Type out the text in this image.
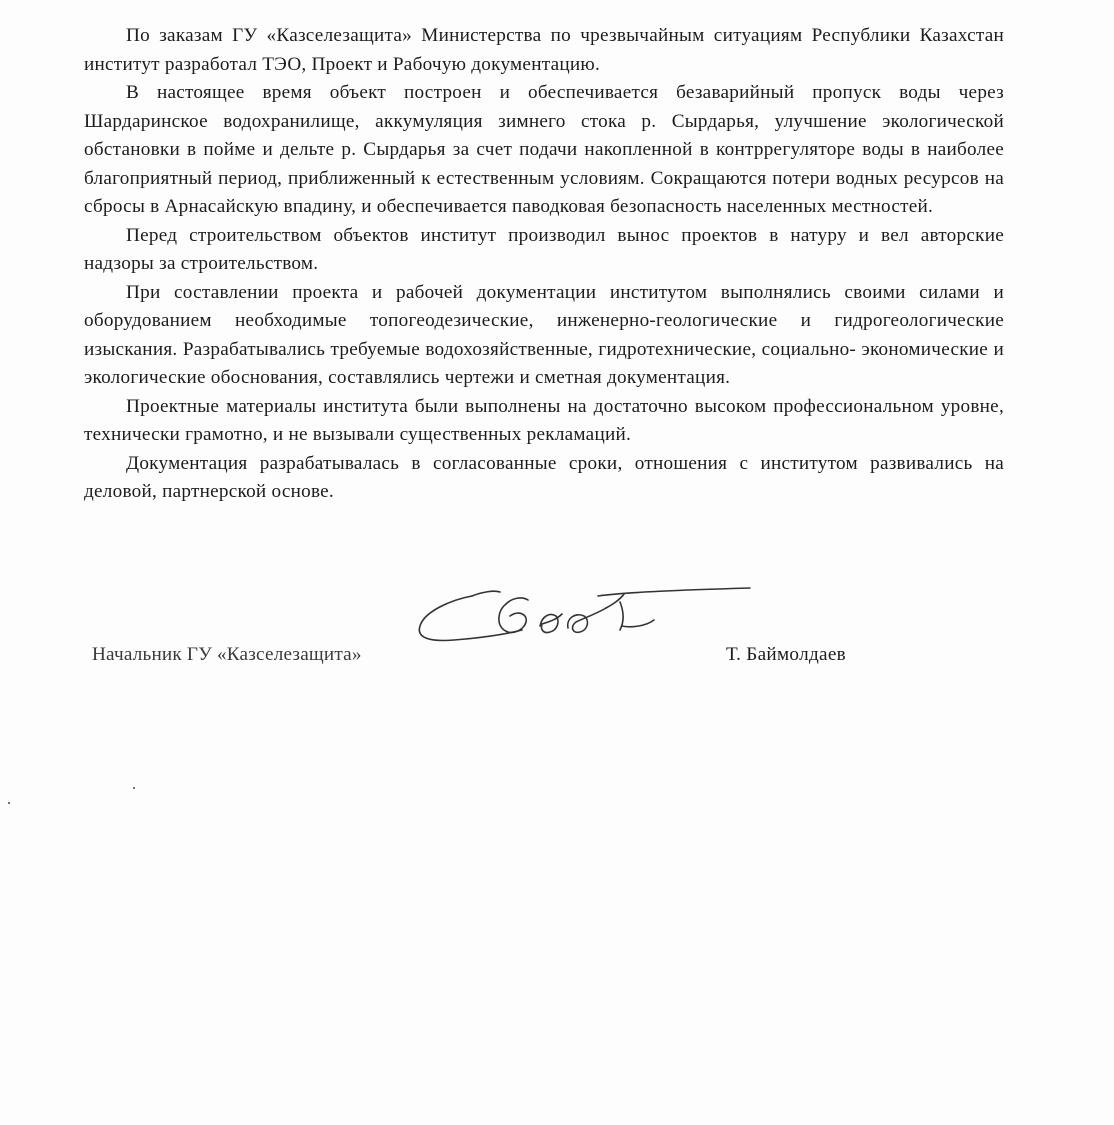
По заказам ГУ «Казселезащита» Министерства по чрезвычайным ситуациям Республики Казахстан институт разработал ТЭО, Проект и Рабочую документацию.

В настоящее время объект построен и обеспечивается безаварийный пропуск воды через Шардаринское водохранилище, аккумуляция зимнего стока р. Сырдарья, улучшение экологической обстановки в пойме и дельте р. Сырдарья за счет подачи накопленной в контррегуляторе воды в наиболее благоприятный период, приближенный к естественным условиям. Сокращаются потери водных ресурсов на сбросы в Арнасайскую впадину, и обеспечивается паводковая безопасность населенных местностей.

Перед строительством объектов институт производил вынос проектов в натуру и вел авторские надзоры за строительством.

При составлении проекта и рабочей документации институтом выполнялись своими силами и оборудованием необходимые топогеодезические, инженерно-геологические и гидрогеологические изыскания. Разрабатывались требуемые водохозяйственные, гидротехнические, социально- экономические и экологические обоснования, составлялись чертежи и сметная документация.

Проектные материалы института были выполнены на достаточно высоком профессиональном уровне, технически грамотно, и не вызывали существенных рекламаций.

Документация разрабатывалась в согласованные сроки, отношения с институтом развивались на деловой, партнерской основе.

Начальник ГУ «Казселезащита»	Т. Баймолдаев
